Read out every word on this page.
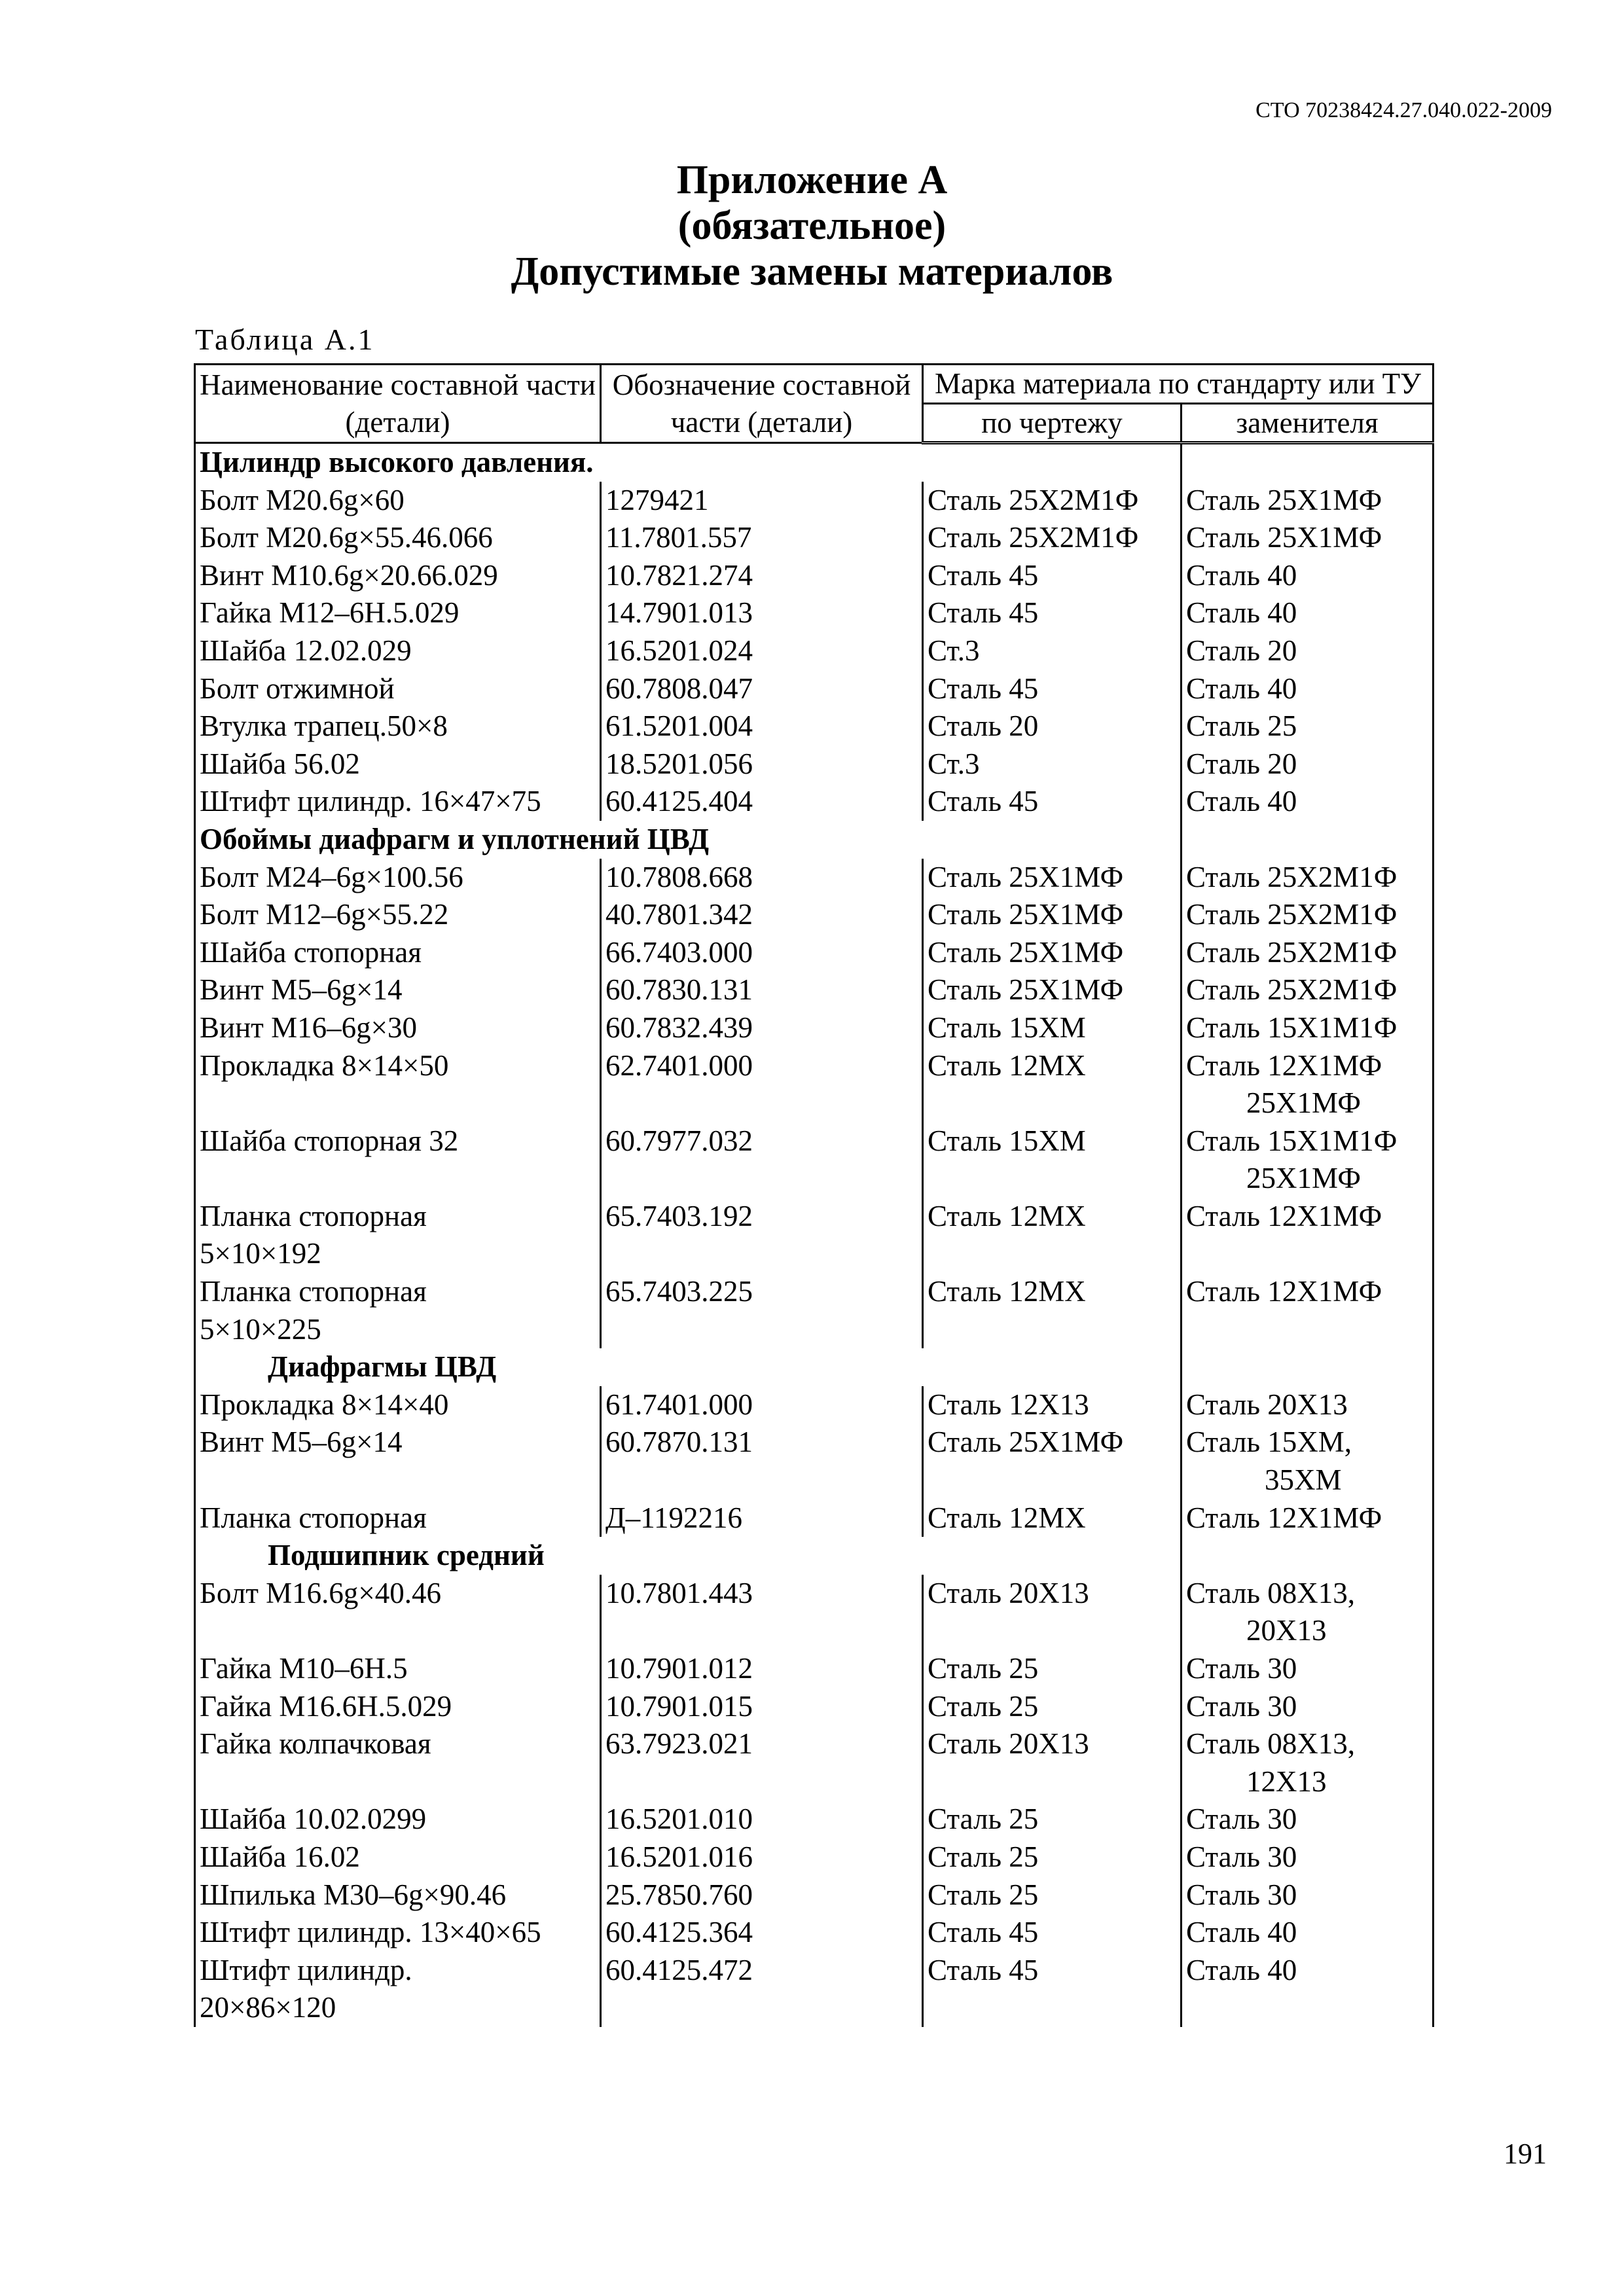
СТО 70238424.27.040.022-2009
Приложение А
(обязательное)
Допустимые замены материалов
Таблица А.1
Наименование составной части (детали)	Обозначение составной части (детали)	Марка материала по стандарту или ТУ	
		по чертежу	заменителя
Цилиндр высокого давления.			
Болт М20.6g×60	1279421	Сталь 25Х2М1Ф	Сталь 25Х1МФ
Болт М20.6g×55.46.066	11.7801.557	Сталь 25Х2М1Ф	Сталь 25Х1МФ
Винт М10.6g×20.66.029	10.7821.274	Сталь 45	Сталь 40
Гайка М12–6Н.5.029	14.7901.013	Сталь 45	Сталь 40
Шайба 12.02.029	16.5201.024	Ст.3	Сталь 20
Болт отжимной	60.7808.047	Сталь 45	Сталь 40
Втулка трапец.50×8	61.5201.004	Сталь 20	Сталь 25
Шайба 56.02	18.5201.056	Ст.3	Сталь 20
Штифт цилиндр. 16×47×75	60.4125.404	Сталь 45	Сталь 40
Обоймы диафрагм и уплотнений ЦВД			
Болт М24–6g×100.56	10.7808.668	Сталь 25Х1МФ	Сталь 25Х2М1Ф
Болт М12–6g×55.22	40.7801.342	Сталь 25Х1МФ	Сталь 25Х2М1Ф
Шайба стопорная	66.7403.000	Сталь 25Х1МФ	Сталь 25Х2М1Ф
Винт М5–6g×14	60.7830.131	Сталь 25Х1МФ	Сталь 25Х2М1Ф
Винт М16–6g×30	60.7832.439	Сталь 15ХМ	Сталь 15Х1М1Ф
Прокладка 8×14×50	62.7401.000	Сталь 12МХ	Сталь 12Х1МФ
25Х1МФ

Шайба стопорная 32	60.7977.032	Сталь 15ХМ	Сталь 15Х1М1Ф
25Х1МФ

Планка стопорная
5×10×192	65.7403.192	Сталь 12МХ	Сталь 12Х1МФ
Планка стопорная
5×10×225	65.7403.225	Сталь 12МХ	Сталь 12Х1МФ
Диафрагмы ЦВД			
Прокладка 8×14×40	61.7401.000	Сталь 12Х13	Сталь 20Х13
Винт М5–6g×14	60.7870.131	Сталь 25Х1МФ	Сталь 15ХМ,
35ХМ

Планка стопорная	Д–1192216	Сталь 12МХ	Сталь 12Х1МФ
Подшипник средний			
Болт М16.6g×40.46	10.7801.443	Сталь 20Х13	Сталь 08Х13,
20Х13

Гайка М10–6Н.5	10.7901.012	Сталь 25	Сталь 30
Гайка М16.6Н.5.029	10.7901.015	Сталь 25	Сталь 30
Гайка колпачковая	63.7923.021	Сталь 20Х13	Сталь 08Х13,
12Х13

Шайба 10.02.0299	16.5201.010	Сталь 25	Сталь 30
Шайба 16.02	16.5201.016	Сталь 25	Сталь 30
Шпилька М30–6g×90.46	25.7850.760	Сталь 25	Сталь 30
Штифт цилиндр. 13×40×65	60.4125.364	Сталь 45	Сталь 40
Штифт цилиндр.
20×86×120	60.4125.472	Сталь 45	Сталь 40
191
